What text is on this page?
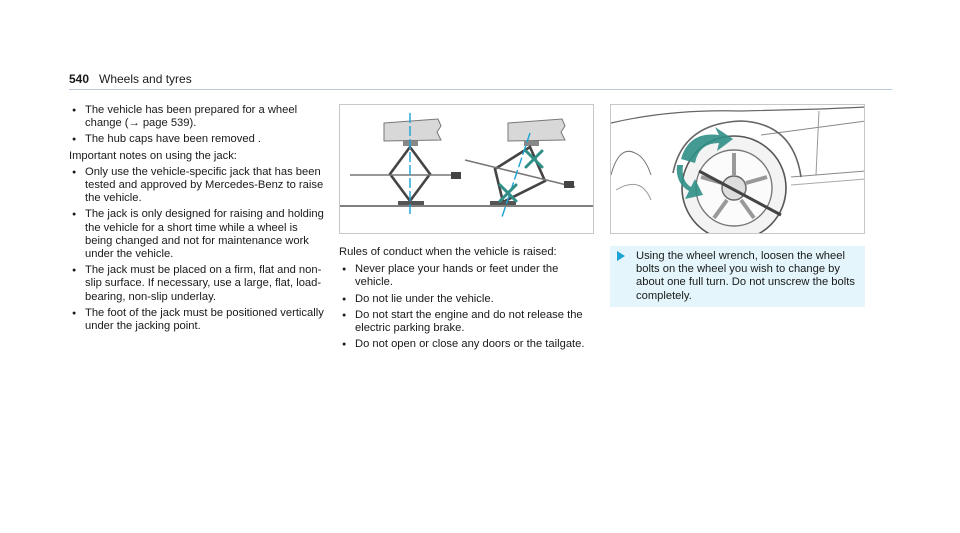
540 Wheels and tyres
● The vehicle has been prepared for a wheel change (→ page 539).
● The hub caps have been removed .
Important notes on using the jack:
● Only use the vehicle-specific jack that has been tested and approved by Mercedes-Benz to raise the vehicle.
● The jack is only designed for raising and holding the vehicle for a short time while a wheel is being changed and not for maintenance work under the vehicle.
● The jack must be placed on a firm, flat and non-slip surface. If necessary, use a large, flat, load-bearing, non-slip underlay.
● The foot of the jack must be positioned vertically under the jacking point.
Rules of conduct when the vehicle is raised:
● Never place your hands or feet under the vehicle.
● Do not lie under the vehicle.
● Do not start the engine and do not release the electric parking brake.
● Do not open or close any doors or the tailgate.
Using the wheel wrench, loosen the wheel bolts on the wheel you wish to change by about one full turn. Do not unscrew the bolts completely.
